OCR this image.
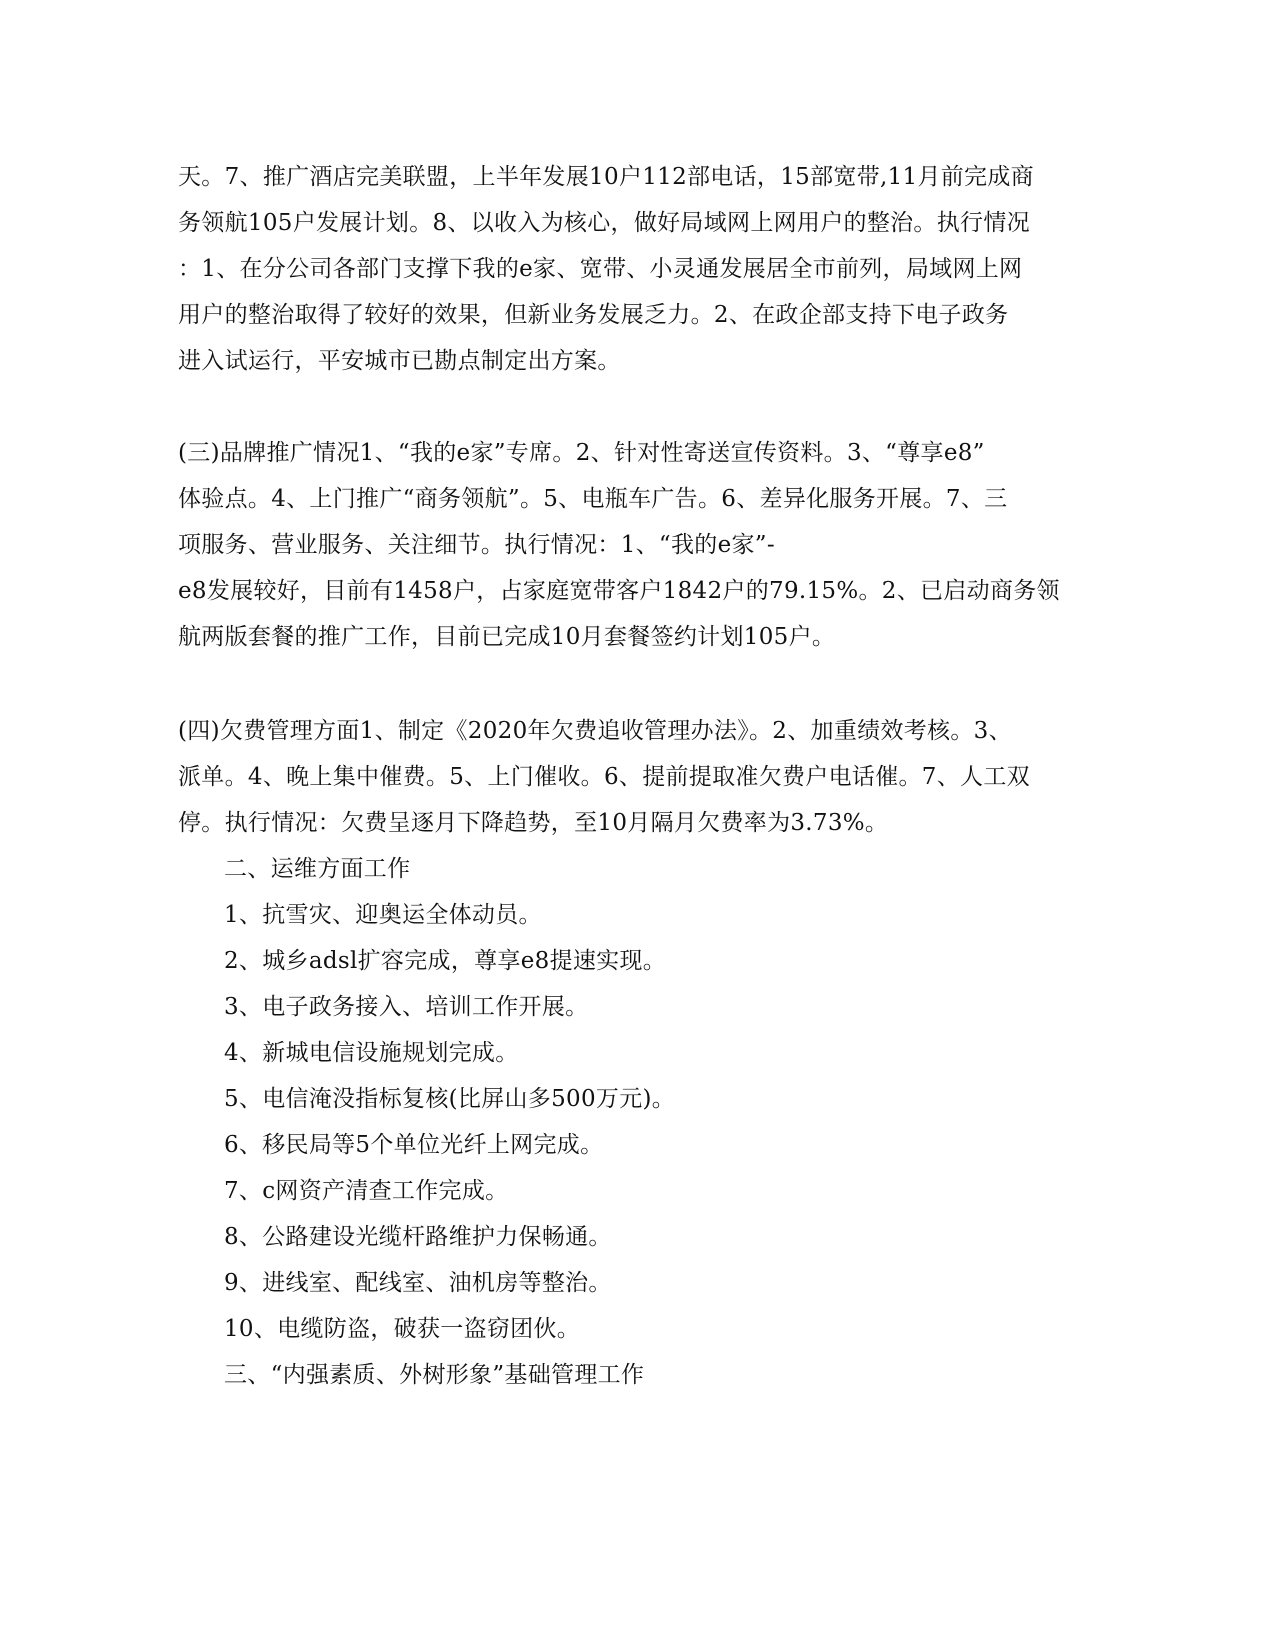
天。7、推广酒店完美联盟，上半年发展10户112部电话，15部宽带,11月前完成商
务领航105户发展计划。8、以收入为核心，做好局域网上网用户的整治。执行情况
：1、在分公司各部门支撑下我的e家、宽带、小灵通发展居全市前列，局域网上网
用户的整治取得了较好的效果，但新业务发展乏力。2、在政企部支持下电子政务
进入试运行，平安城市已勘点制定出方案。
(三)品牌推广情况1、“我的e家”专席。2、针对性寄送宣传资料。3、“尊享e8”
体验点。4、上门推广“商务领航”。5、电瓶车广告。6、差异化服务开展。7、三
项服务、营业服务、关注细节。执行情况：1、“我的e家”-
e8发展较好，目前有1458户，占家庭宽带客户1842户的79.15%。2、已启动商务领
航两版套餐的推广工作，目前已完成10月套餐签约计划105户。
(四)欠费管理方面1、制定《2020年欠费追收管理办法》。2、加重绩效考核。3、
派单。4、晚上集中催费。5、上门催收。6、提前提取准欠费户电话催。7、人工双
停。执行情况：欠费呈逐月下降趋势，至10月隔月欠费率为3.73%。
二、运维方面工作
1、抗雪灾、迎奥运全体动员。
2、城乡adsl扩容完成，尊享e8提速实现。
3、电子政务接入、培训工作开展。
4、新城电信设施规划完成。
5、电信淹没指标复核(比屏山多500万元)。
6、移民局等5个单位光纤上网完成。
7、c网资产清查工作完成。
8、公路建设光缆杆路维护力保畅通。
9、进线室、配线室、油机房等整治。
10、电缆防盗，破获一盗窃团伙。
三、“内强素质、外树形象”基础管理工作
